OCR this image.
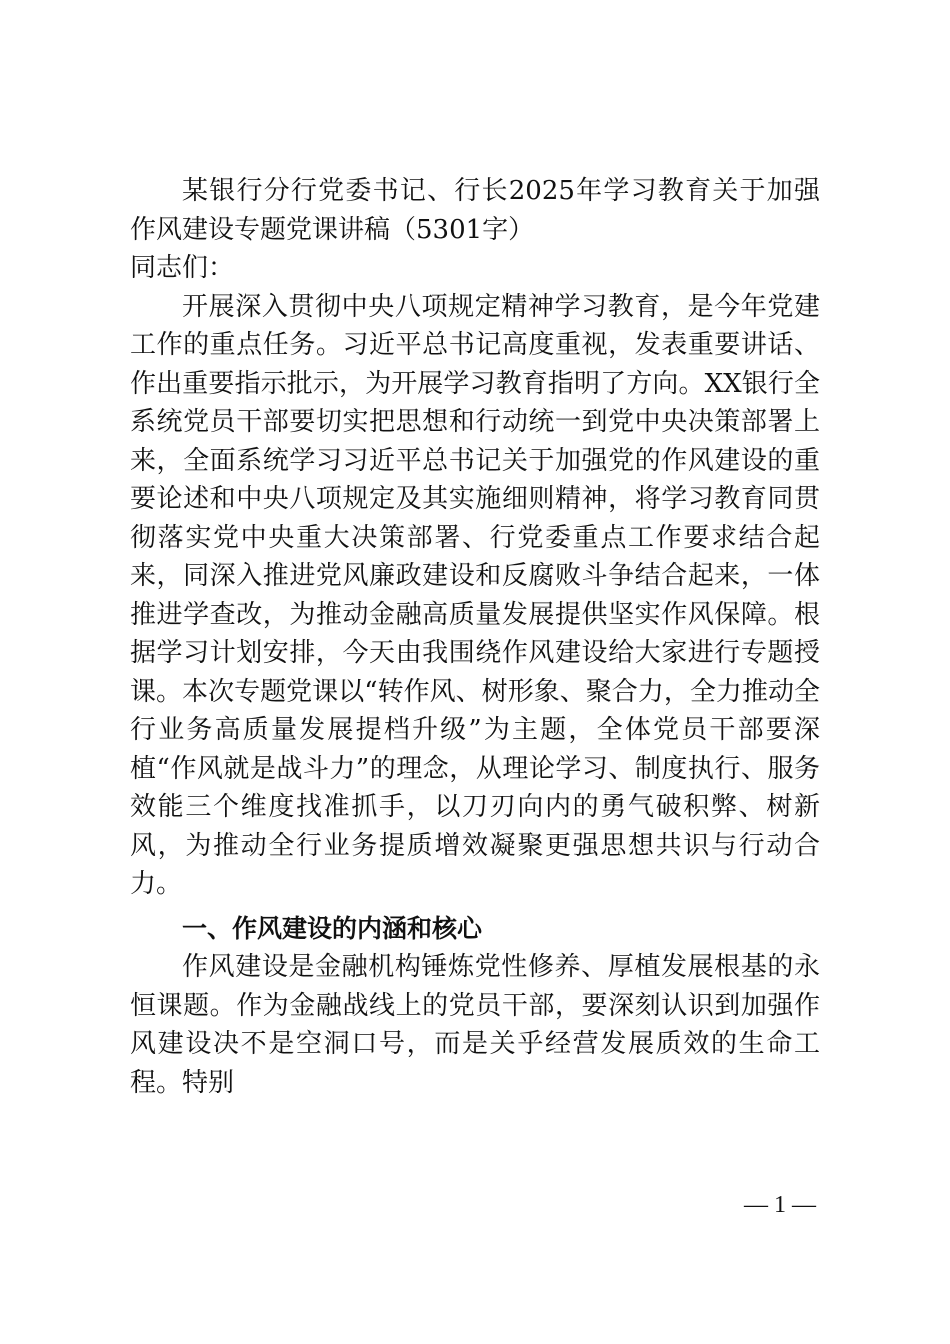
某银行分行党委书记、行长2025年学习教育关于加强作风建设专题党课讲稿（5301字）

同志们：

开展深入贯彻中央八项规定精神学习教育，是今年党建工作的重点任务。习近平总书记高度重视，发表重要讲话、作出重要指示批示，为开展学习教育指明了方向。XX银行全系统党员干部要切实把思想和行动统一到党中央决策部署上来，全面系统学习习近平总书记关于加强党的作风建设的重要论述和中央八项规定及其实施细则精神，将学习教育同贯彻落实党中央重大决策部署、行党委重点工作要求结合起来，同深入推进党风廉政建设和反腐败斗争结合起来，一体推进学查改，为推动金融高质量发展提供坚实作风保障。根据学习计划安排，今天由我围绕作风建设给大家进行专题授课。本次专题党课以“转作风、树形象、聚合力，全力推动全行业务高质量发展提档升级”为主题，全体党员干部要深植“作风就是战斗力”的理念，从理论学习、制度执行、服务效能三个维度找准抓手，以刀刃向内的勇气破积弊、树新风，为推动全行业务提质增效凝聚更强思想共识与行动合力。

一、作风建设的内涵和核心

作风建设是金融机构锤炼党性修养、厚植发展根基的永恒课题。作为金融战线上的党员干部，要深刻认识到加强作风建设决不是空洞口号，而是关乎经营发展质效的生命工程。特别

— 1 —
